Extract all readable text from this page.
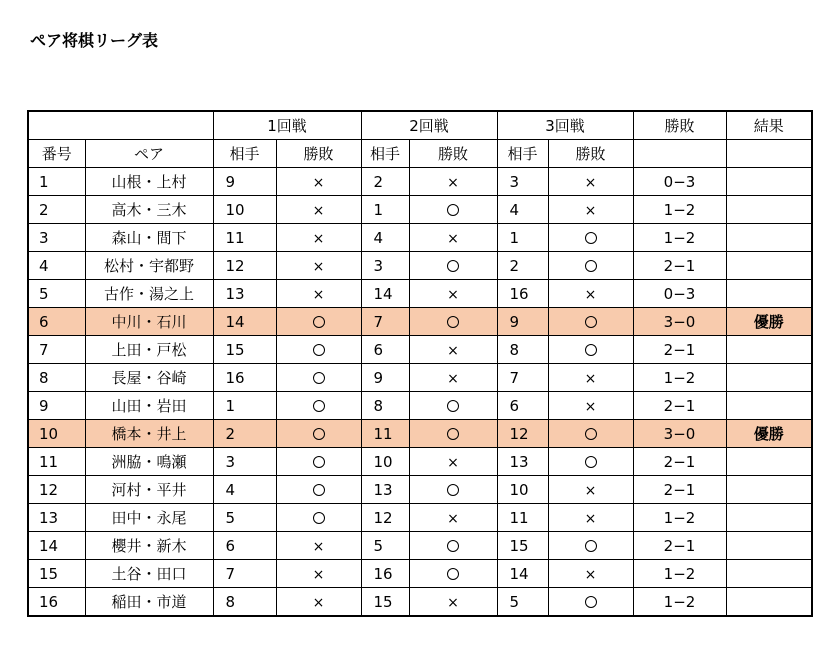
ペア将棋リーグ表
		1回戦		2回戦		3回戦		勝敗	結果
番号	ペア	相手	勝敗	相手	勝敗	相手	勝敗		
1	山根・上村	9	×	2	×	3	×	0−3	
2	高木・三木	10	×	1		4	×	1−2	
3	森山・間下	11	×	4	×	1		1−2	
4	松村・宇都野	12	×	3		2		2−1	
5	古作・湯之上	13	×	14	×	16	×	0−3	
6	中川・石川	14		7		9		3−0	優勝
7	上田・戸松	15		6	×	8		2−1	
8	長屋・谷崎	16		9	×	7	×	1−2	
9	山田・岩田	1		8		6	×	2−1	
10	橋本・井上	2		11		12		3−0	優勝
11	洲脇・鳴瀬	3		10	×	13		2−1	
12	河村・平井	4		13		10	×	2−1	
13	田中・永尾	5		12	×	11	×	1−2	
14	櫻井・新木	6	×	5		15		2−1	
15	土谷・田口	7	×	16		14	×	1−2	
16	稲田・市道	8	×	15	×	5		1−2	
